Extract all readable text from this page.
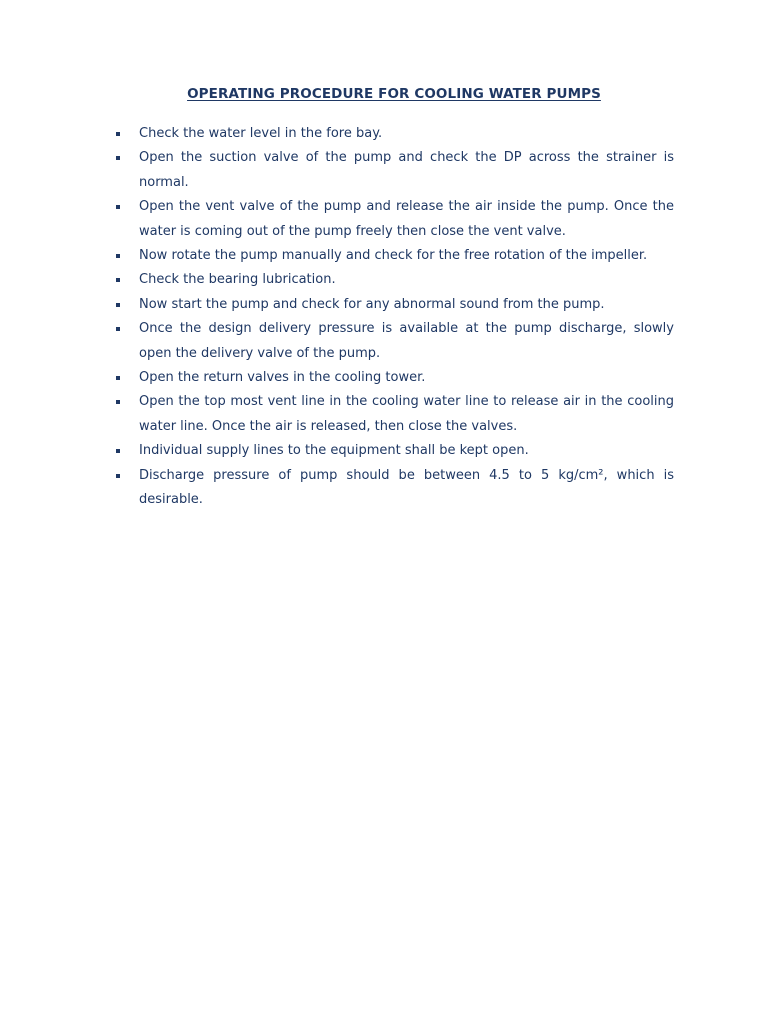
OPERATING PROCEDURE FOR COOLING WATER PUMPS
Check the water level in the fore bay.
Open the suction valve of the pump and check the DP across the strainer is normal.
Open the vent valve of the pump and release the air inside the pump. Once the water is coming out of the pump freely then close the vent valve.
Now rotate the pump manually and check for the free rotation of the impeller.
Check the bearing lubrication.
Now start the pump and check for any abnormal sound from the pump.
Once the design delivery pressure is available at the pump discharge, slowly open the delivery valve of the pump.
Open the return valves in the cooling tower.
Open the top most vent line in the cooling water line to release air in the cooling water line. Once the air is released, then close the valves.
Individual supply lines to the equipment shall be kept open.
Discharge pressure of pump should be between 4.5 to 5 kg/cm², which is desirable.
